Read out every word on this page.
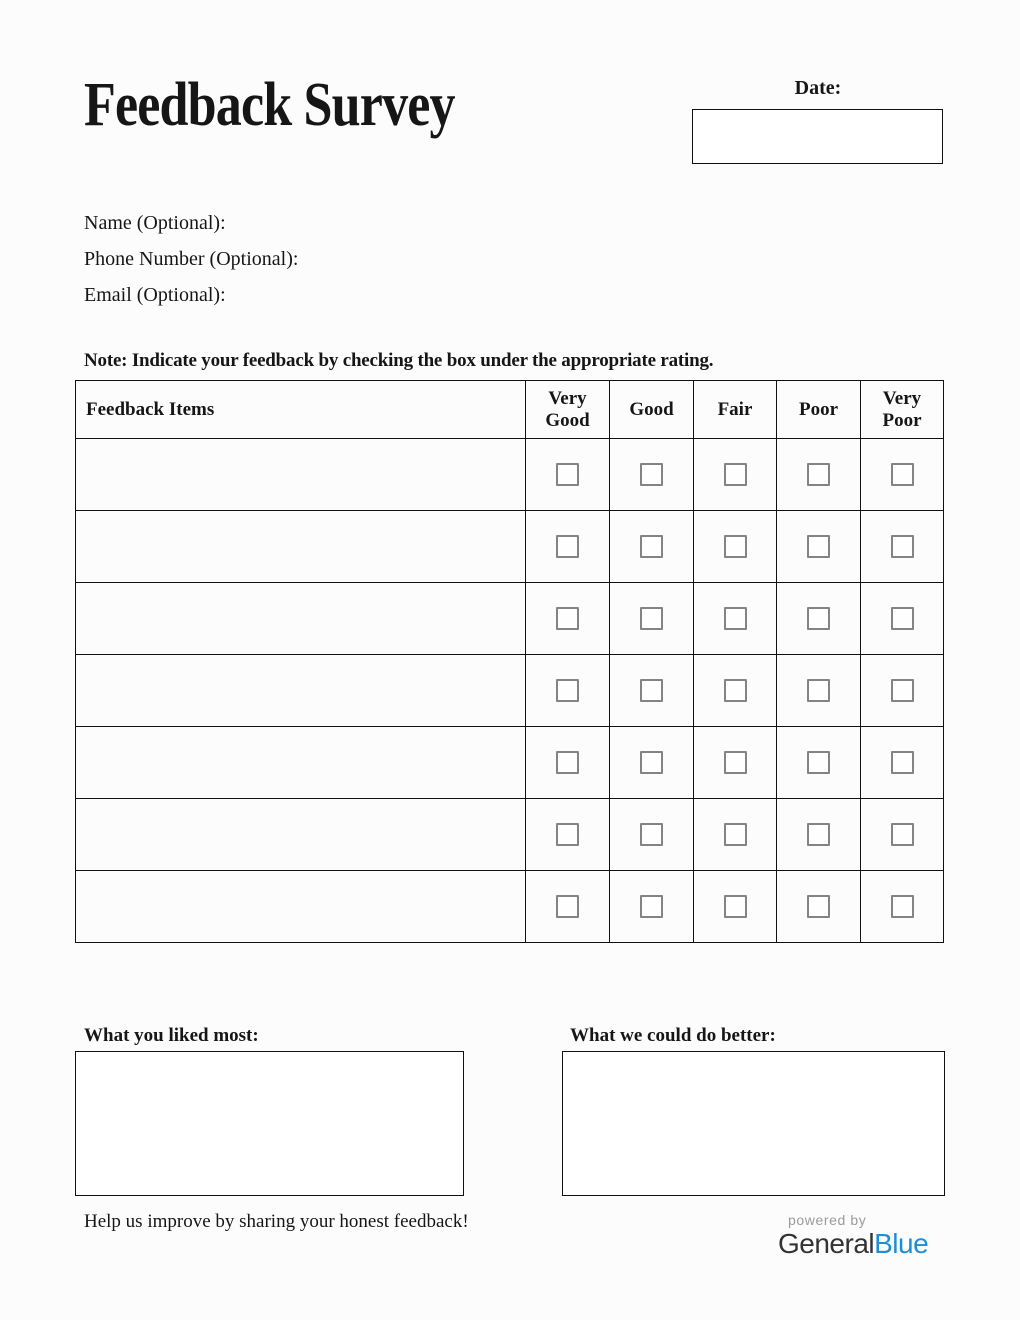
Feedback Survey	Date:
Name (Optional):
Phone Number (Optional):
Email (Optional):
Note: Indicate your feedback by checking the box under the appropriate rating.
Feedback Items	Very Good	Good	Fair	Poor	Very Poor

What you liked most:	What we could do better:
Help us improve by sharing your honest feedback!	powered by
GeneralBlue
